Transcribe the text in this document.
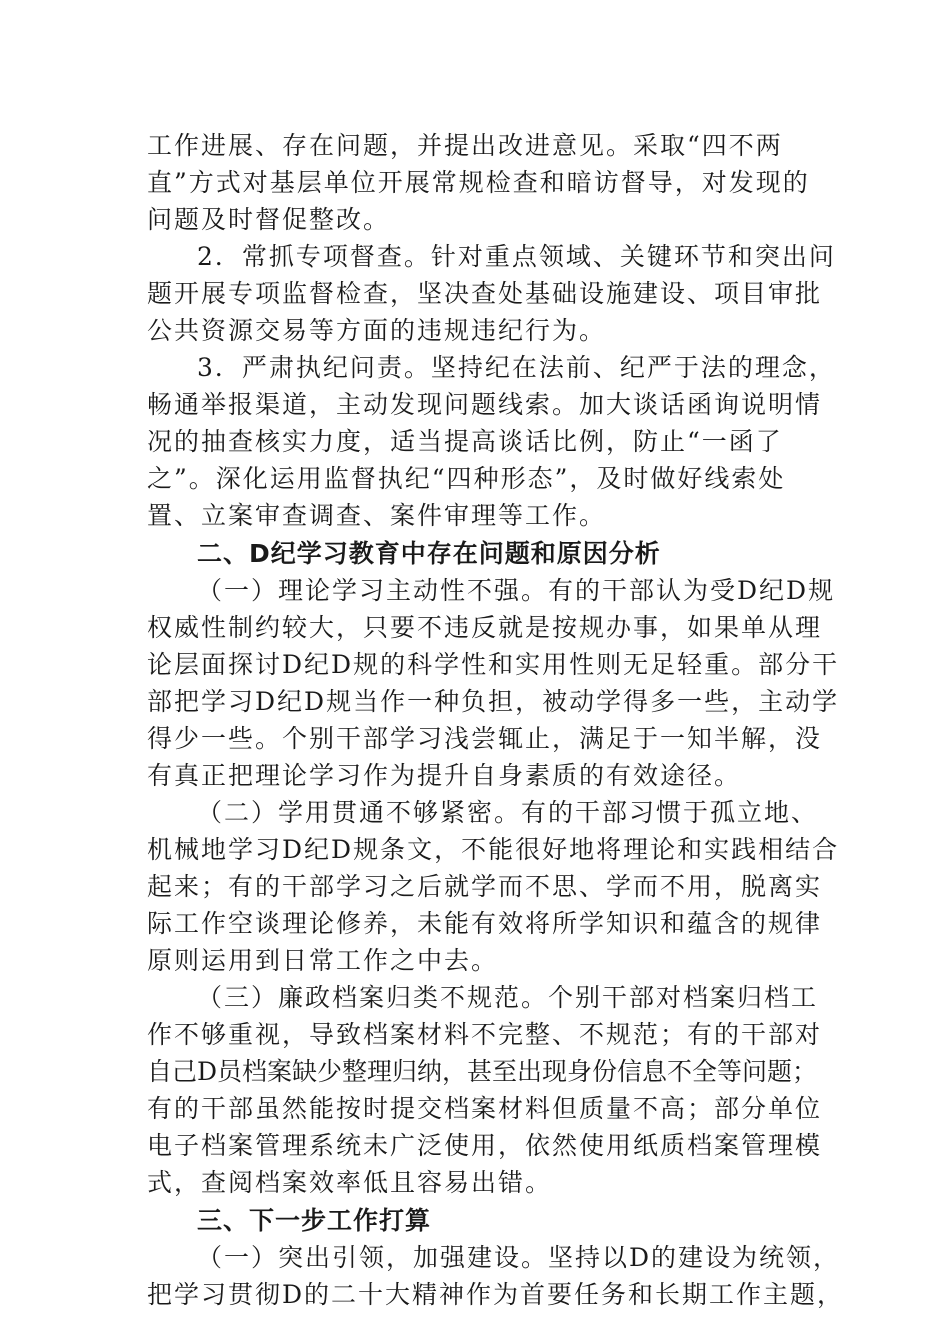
工作进展、存在问题，并提出改进意见。采取“四不两
直”方式对基层单位开展常规检查和暗访督导，对发现的
问题及时督促整改。
2．常抓专项督查。针对重点领域、关键环节和突出问
题开展专项监督检查，坚决查处基础设施建设、项目审批
公共资源交易等方面的违规违纪行为。
3．严肃执纪问责。坚持纪在法前、纪严于法的理念，
畅通举报渠道，主动发现问题线索。加大谈话函询说明情
况的抽查核实力度，适当提高谈话比例，防止“一函了
之”。深化运用监督执纪“四种形态”，及时做好线索处
置、立案审查调查、案件审理等工作。
二、D纪学习教育中存在问题和原因分析
（一）理论学习主动性不强。有的干部认为受D纪D规
权威性制约较大，只要不违反就是按规办事，如果单从理
论层面探讨D纪D规的科学性和实用性则无足轻重。部分干
部把学习D纪D规当作一种负担，被动学得多一些，主动学
得少一些。个别干部学习浅尝辄止，满足于一知半解，没
有真正把理论学习作为提升自身素质的有效途径。
（二）学用贯通不够紧密。有的干部习惯于孤立地、
机械地学习D纪D规条文，不能很好地将理论和实践相结合
起来；有的干部学习之后就学而不思、学而不用，脱离实
际工作空谈理论修养，未能有效将所学知识和蕴含的规律
原则运用到日常工作之中去。
（三）廉政档案归类不规范。个别干部对档案归档工
作不够重视，导致档案材料不完整、不规范；有的干部对
自己D员档案缺少整理归纳，甚至出现身份信息不全等问题；
有的干部虽然能按时提交档案材料但质量不高；部分单位
电子档案管理系统未广泛使用，依然使用纸质档案管理模
式，查阅档案效率低且容易出错。
三、下一步工作打算
（一）突出引领，加强建设。坚持以D的建设为统领，
把学习贯彻D的二十大精神作为首要任务和长期工作主题，
